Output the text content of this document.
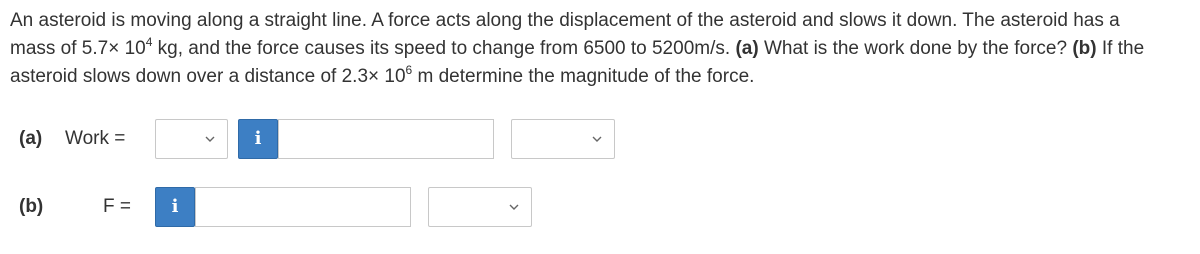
An asteroid is moving along a straight line. A force acts along the displacement of the asteroid and slows it down. The asteroid has a
mass of $5.7\times 10^4$ kg, and the force causes its speed to change from 6500 to 5200m/s. (a) What is the work done by the force? (b) If the
asteroid slows down over a distance of $2.3\times 10^6$ m determine the magnitude of the force.
(a) Work =	i
(b)	F =	i
